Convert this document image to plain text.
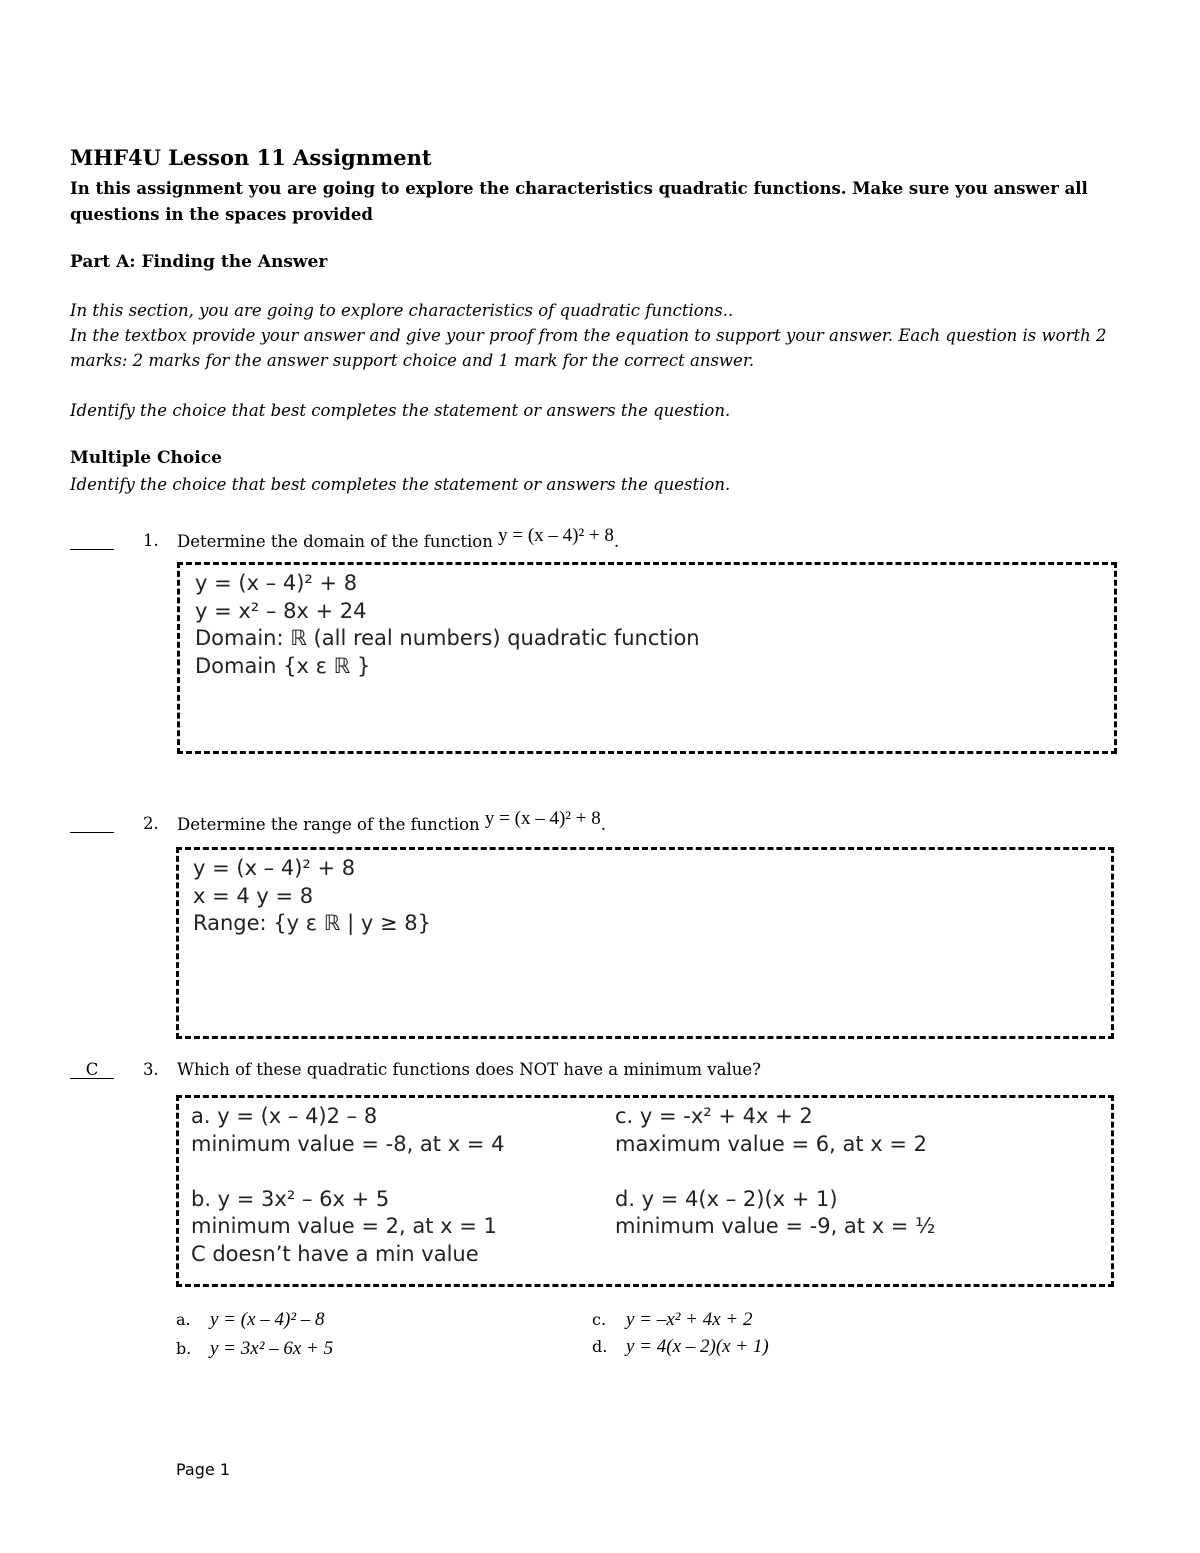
MHF4U Lesson 11 Assignment
In this assignment you are going to explore the characteristics quadratic functions. Make sure you answer all questions in the spaces provided
Part A: Finding the Answer
In this section, you are going to explore characteristics of quadratic functions..
In the textbox provide your answer and give your proof from the equation to support your answer. Each question is worth 2 marks: 2 marks for the answer support choice and 1 mark for the correct answer.
Identify the choice that best completes the statement or answers the question.
Multiple Choice
Identify the choice that best completes the statement or answers the question.
1. Determine the domain of the function y = (x – 4)² + 8.
y = (x – 4)² + 8
y = x² – 8x + 24
Domain: ℝ (all real numbers) quadratic function
Domain {x ε ℝ }
2. Determine the range of the function y = (x – 4)² + 8.
y = (x – 4)² + 8
x = 4 y = 8
Range: {y ε ℝ | y ≥ 8}
C	3. Which of these quadratic functions does NOT have a minimum value?
a. y = (x – 4)2 – 8
minimum value = -8, at x = 4
b. y = 3x² – 6x + 5
minimum value = 2, at x = 1
C doesn’t have a min value
c. y = -x² + 4x + 2
maximum value = 6, at x = 2
d. y = 4(x – 2)(x + 1)
minimum value = -9, at x = ½
a. y = (x – 4)² – 8
b. y = 3x² – 6x + 5
c. y = –x² + 4x + 2
d. y = 4(x – 2)(x + 1)
Page 1
